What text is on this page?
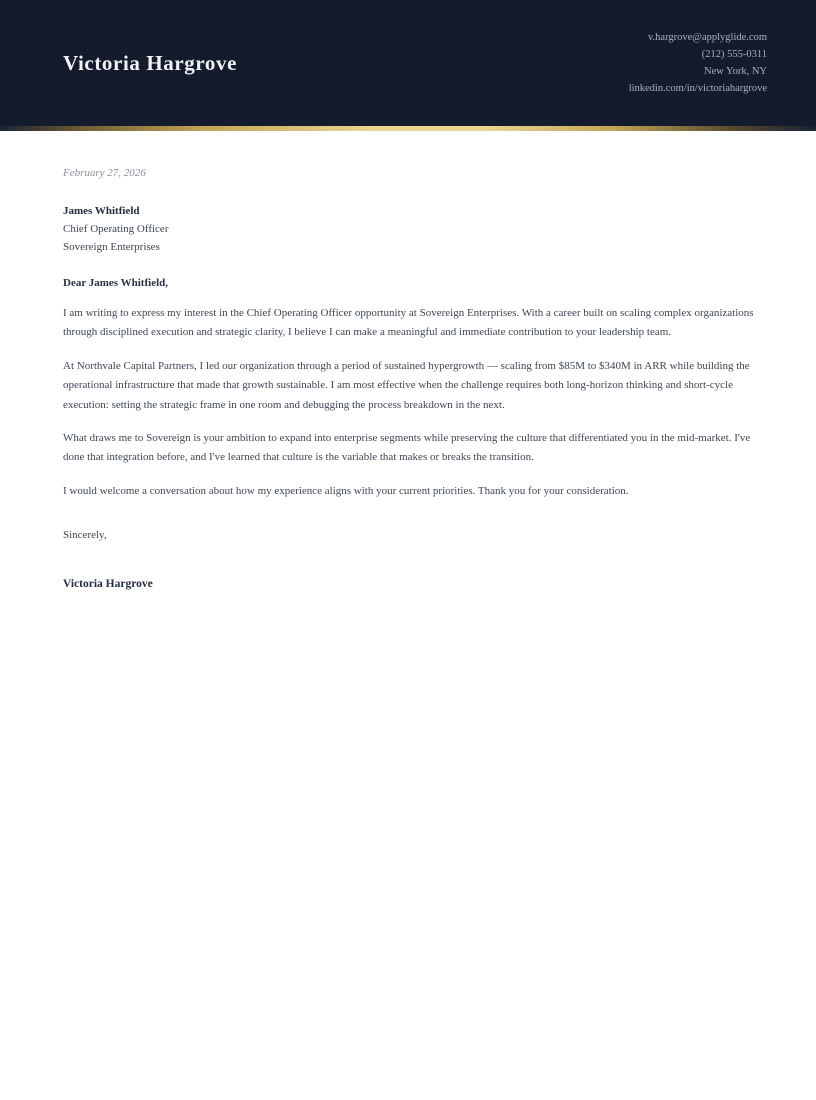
Victoria Hargrove
v.hargrove@applyglide.com
(212) 555-0311
New York, NY
linkedin.com/in/victoriahargrove

February 27, 2026

James Whitfield
Chief Operating Officer
Sovereign Enterprises

Dear James Whitfield,

I am writing to express my interest in the Chief Operating Officer opportunity at Sovereign Enterprises. With a career built on scaling complex organizations through disciplined execution and strategic clarity, I believe I can make a meaningful and immediate contribution to your leadership team.

At Northvale Capital Partners, I led our organization through a period of sustained hypergrowth — scaling from $85M to $340M in ARR while building the operational infrastructure that made that growth sustainable. I am most effective when the challenge requires both long-horizon thinking and short-cycle execution: setting the strategic frame in one room and debugging the process breakdown in the next.

What draws me to Sovereign is your ambition to expand into enterprise segments while preserving the culture that differentiated you in the mid-market. I've done that integration before, and I've learned that culture is the variable that makes or breaks the transition.

I would welcome a conversation about how my experience aligns with your current priorities. Thank you for your consideration.

Sincerely,

Victoria Hargrove
